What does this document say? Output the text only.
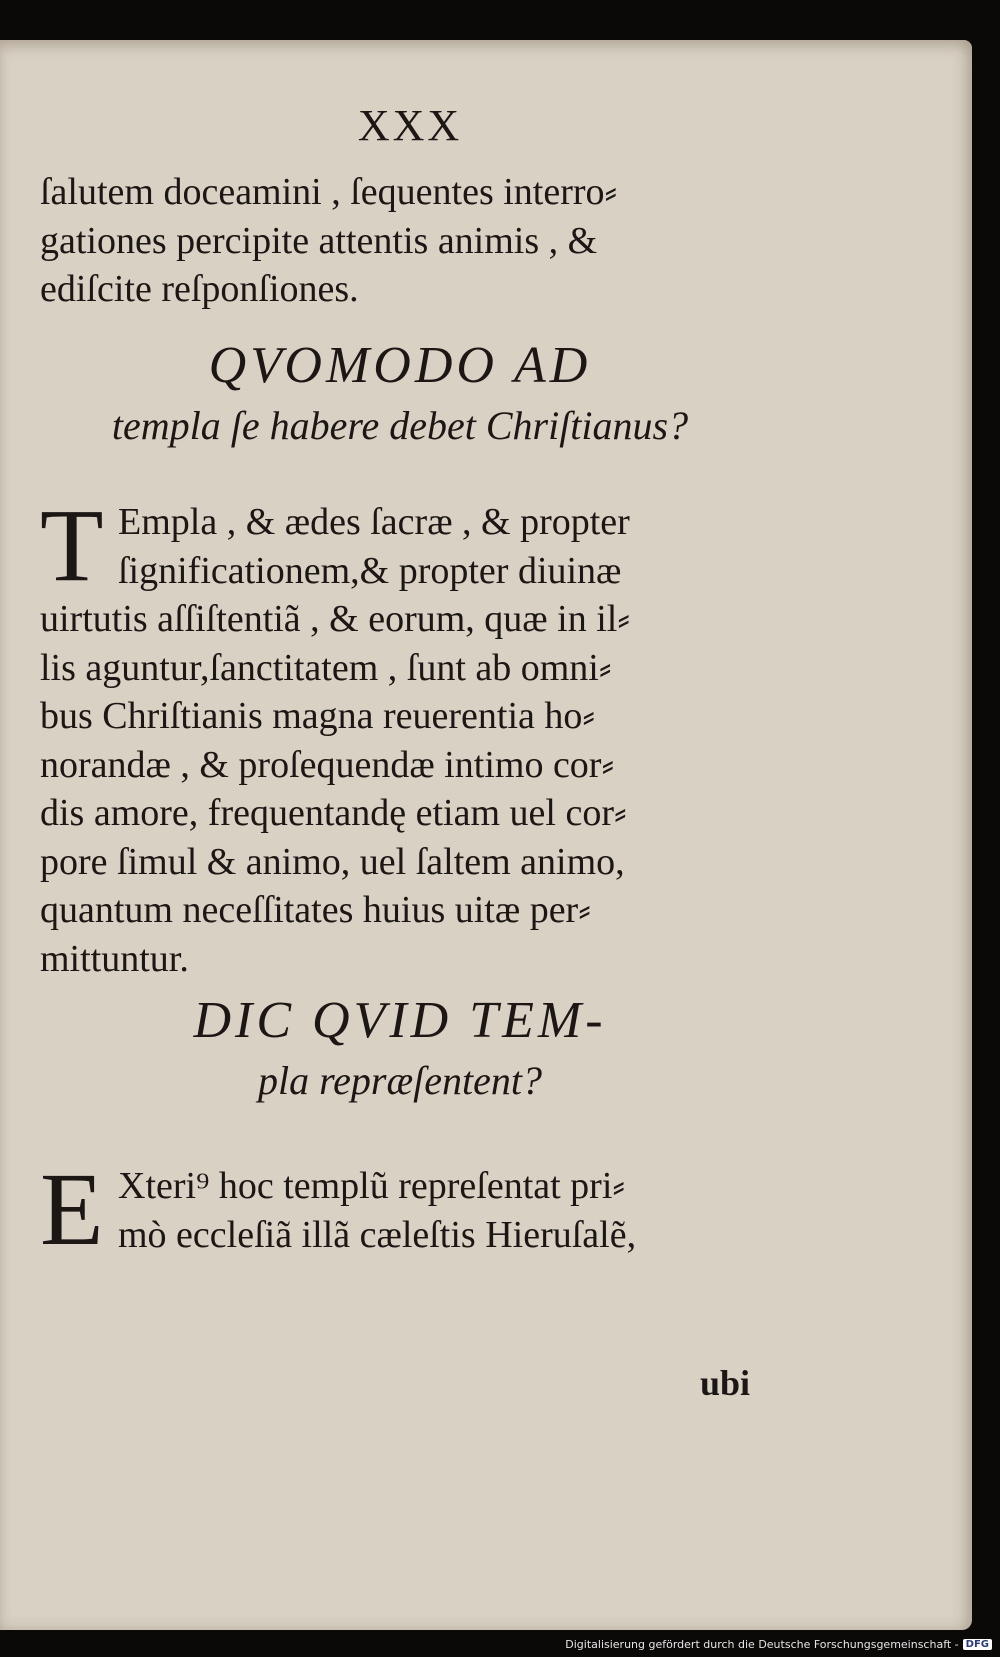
XXX

ſalutem doceamini , ſequentes interro⸗
gationes percipite attentis animis , &
ediſcite reſponſiones.

QVOMODO AD
templa ſe habere debet Chriſtianus?
T Empla , & ædes ſacræ , & propter
ſignificationem,& propter diuinæ
uirtutis aſſiſtentiã , & eorum, quæ in il⸗
lis aguntur,ſanctitatem , ſunt ab omni⸗
bus Chriſtianis magna reuerentia ho⸗
norandæ , & proſequendæ intimo cor⸗
dis amore, frequentandę etiam uel cor⸗
pore ſimul & animo, uel ſaltem animo,
quantum neceſſitates huius uitæ per⸗
mittuntur.

DIC QVID TEM-
pla repræſentent?
E Xteri⁹ hoc templũ repreſentat pri⸗
mò eccleſiã illã cæleſtis Hieruſalẽ,

ubi
Digitalisierung gefördert durch die Deutsche Forschungsgemeinschaft - DFG
